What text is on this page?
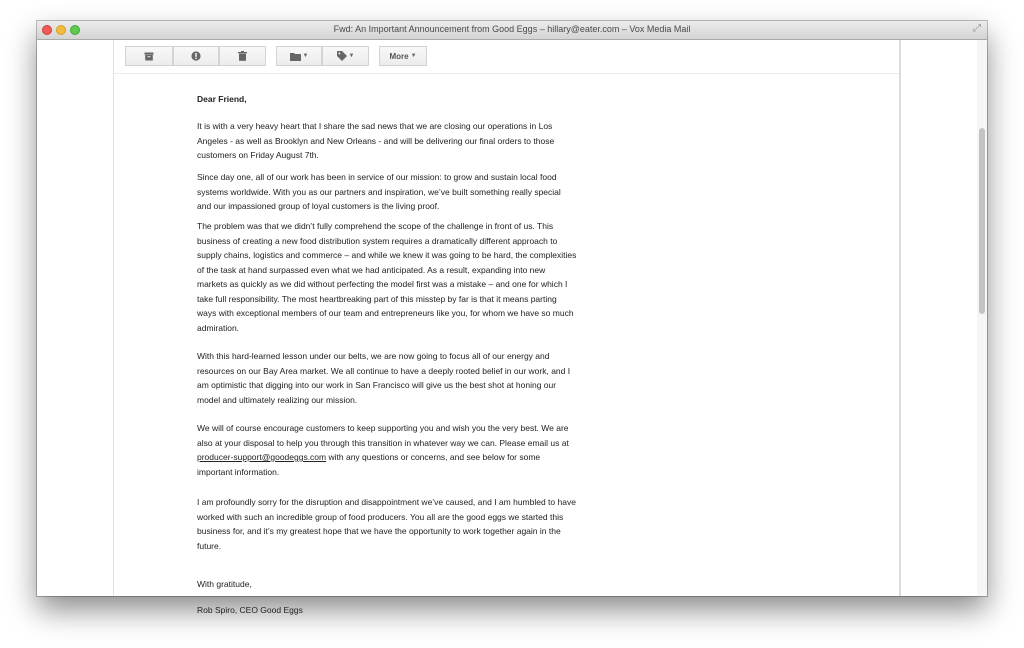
Fwd: An Important Announcement from Good Eggs – hillary@eater.com – Vox Media Mail	⤢
▼	▼	More ▼

Dear Friend,

It is with a very heavy heart that I share the sad news that we are closing our operations in Los Angeles - as well as Brooklyn and New Orleans - and will be delivering our final orders to those customers on Friday August 7th.

Since day one, all of our work has been in service of our mission: to grow and sustain local food systems worldwide. With you as our partners and inspiration, we’ve built something really special and our impassioned group of loyal customers is the living proof.

The problem was that we didn’t fully comprehend the scope of the challenge in front of us. This business of creating a new food distribution system requires a dramatically different approach to supply chains, logistics and commerce – and while we knew it was going to be hard, the complexities of the task at hand surpassed even what we had anticipated. As a result, expanding into new markets as quickly as we did without perfecting the model first was a mistake – and one for which I take full responsibility. The most heartbreaking part of this misstep by far is that it means parting ways with exceptional members of our team and entrepreneurs like you, for whom we have so much admiration.

With this hard-learned lesson under our belts, we are now going to focus all of our energy and resources on our Bay Area market. We all continue to have a deeply rooted belief in our work, and I am optimistic that digging into our work in San Francisco will give us the best shot at honing our model and ultimately realizing our mission.

We will of course encourage customers to keep supporting you and wish you the very best. We are also at your disposal to help you through this transition in whatever way we can. Please email us at producer-support@goodeggs.com with any questions or concerns, and see below for some important information.

I am profoundly sorry for the disruption and disappointment we’ve caused, and I am humbled to have worked with such an incredible group of food producers. You all are the good eggs we started this business for, and it’s my greatest hope that we have the opportunity to work together again in the future.

With gratitude,

Rob Spiro, CEO Good Eggs
